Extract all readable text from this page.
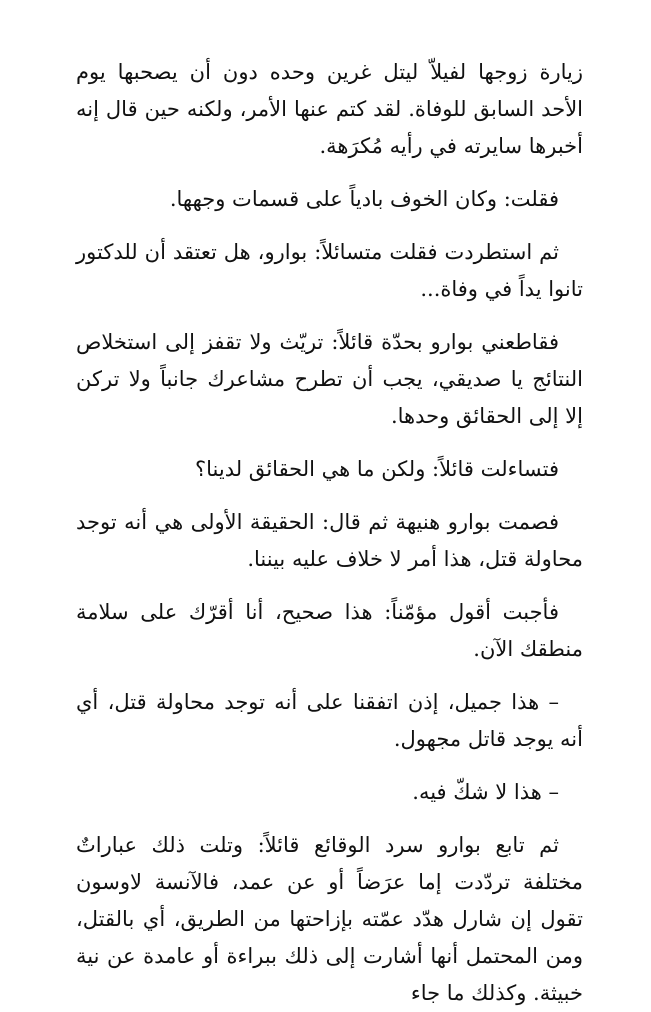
زيارة زوجها لفيلاّ ليتل غرين وحده دون أن يصحبها يوم الأحد السابق للوفاة. لقد كتم عنها الأمر، ولكنه حين قال إنه أخبرها سايرته في رأيه مُكرَهة.

فقلت: وكان الخوف بادياً على قسمات وجهها.

ثم استطردت فقلت متسائلاً: بوارو، هل تعتقد أن للدكتور تانوا يداً في وفاة...

فقاطعني بوارو بحدّة قائلاً: تريّث ولا تقفز إلى استخلاص النتائج يا صديقي، يجب أن تطرح مشاعرك جانباً ولا تركن إلا إلى الحقائق وحدها.

فتساءلت قائلاً: ولكن ما هي الحقائق لدينا؟

فصمت بوارو هنيهة ثم قال: الحقيقة الأولى هي أنه توجد محاولة قتل، هذا أمر لا خلاف عليه بيننا.

فأجبت أقول مؤمّناً: هذا صحيح، أنا أقرّك على سلامة منطقك الآن.

– هذا جميل، إذن اتفقنا على أنه توجد محاولة قتل، أي أنه يوجد قاتل مجهول.

– هذا لا شكّ فيه.

ثم تابع بوارو سرد الوقائع قائلاً: وتلت ذلك عباراتٌ مختلفة تردّدت إما عرَضاً أو عن عمد، فالآنسة لاوسون تقول إن شارل هدّد عمّته بإزاحتها من الطريق، أي بالقتل، ومن المحتمل أنها أشارت إلى ذلك ببراءة أو عامدة عن نية خبيثة. وكذلك ما جاء
